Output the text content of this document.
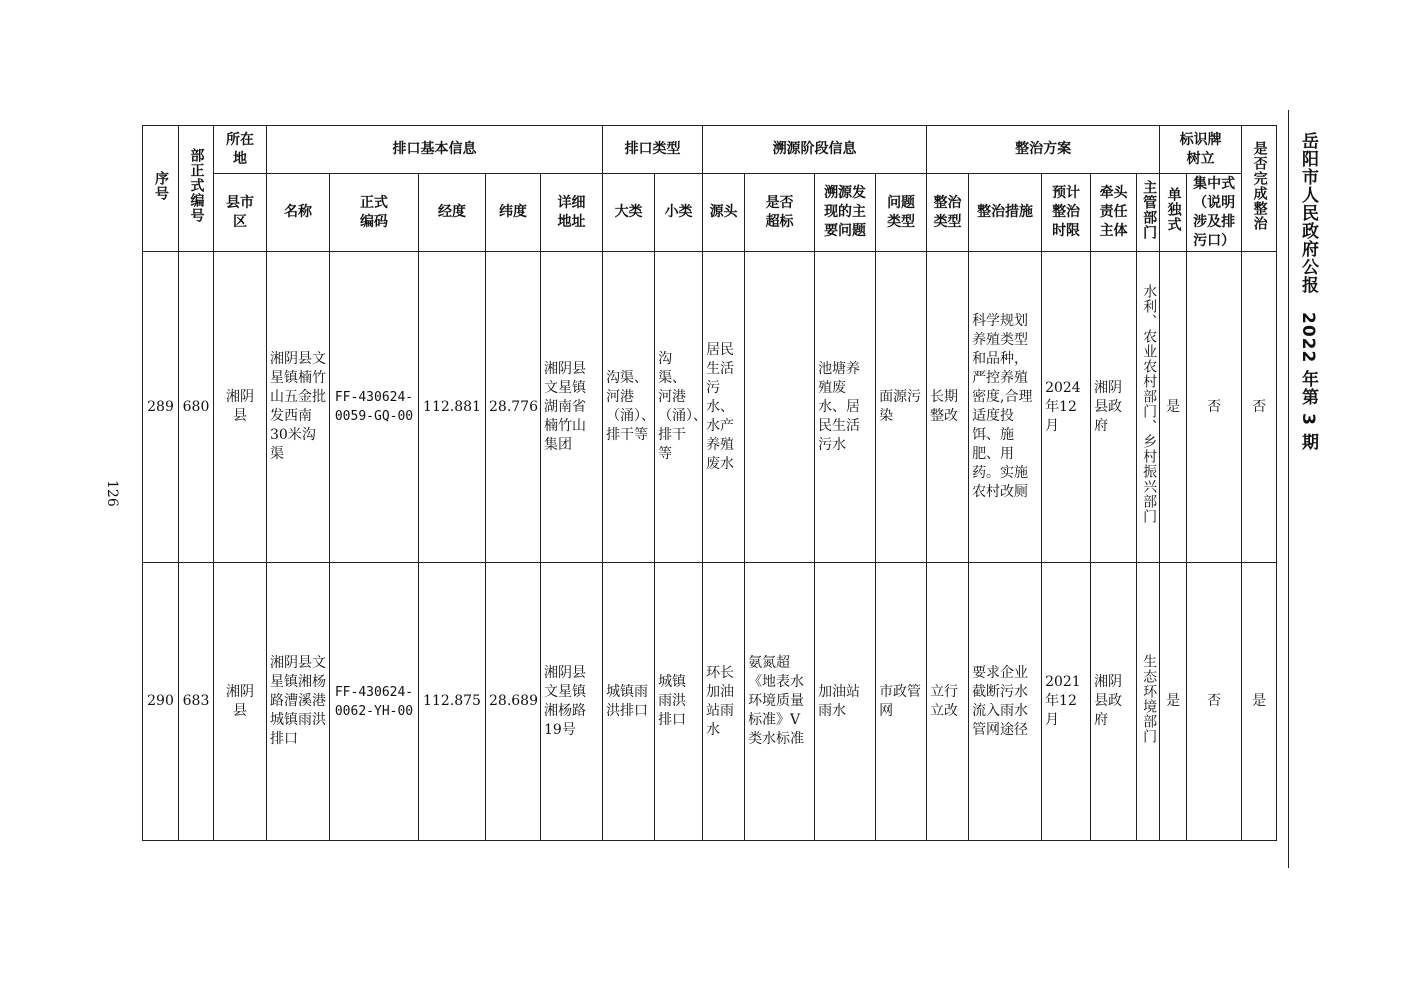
126
岳阳市人民政府公报　2022 年第 3 期
序号	部正式编号	所在地	排口基本信息					排口类型		溯源阶段信息				整治方案					标识牌树立		是否完成整治
		县市区	名称	正式编码	经度	纬度	详细地址	大类	小类	源头	是否超标	溯源发现的主要问题	问题类型	整治类型	整治措施	预计整治时限	牵头责任主体	主管部门	单独式	集中式（说明涉及排污口）	
289	680	湘阴县	湘阴县文星镇楠竹山五金批发西南30米沟渠	FF-430624-0059-GQ-00	112.881	28.776	湘阴县文星镇湖南省楠竹山集团	沟渠、河港（涌）、排干等	沟渠、河港（涌）、排干等	居民生活污水、水产养殖废水		池塘养殖废水、居民生活污水	面源污染	长期整改	科学规划养殖类型和品种，严控养殖密度,合理适度投饵、施肥、用药。实施农村改厕	2024年12月	湘阴县政府	水利、农业农村部门、乡村振兴部门	是	否	否
290	683	湘阴县	湘阴县文星镇湘杨路漕溪港城镇雨洪排口	FF-430624-0062-YH-00	112.875	28.689	湘阴县文星镇湘杨路19号	城镇雨洪排口	城镇雨洪排口	环长加油站雨水	氨氮超《地表水环境质量标准》V类水标准	加油站雨水	市政管网	立行立改	要求企业截断污水流入雨水管网途径	2021年12月	湘阴县政府	生态环境部门	是	否	是
